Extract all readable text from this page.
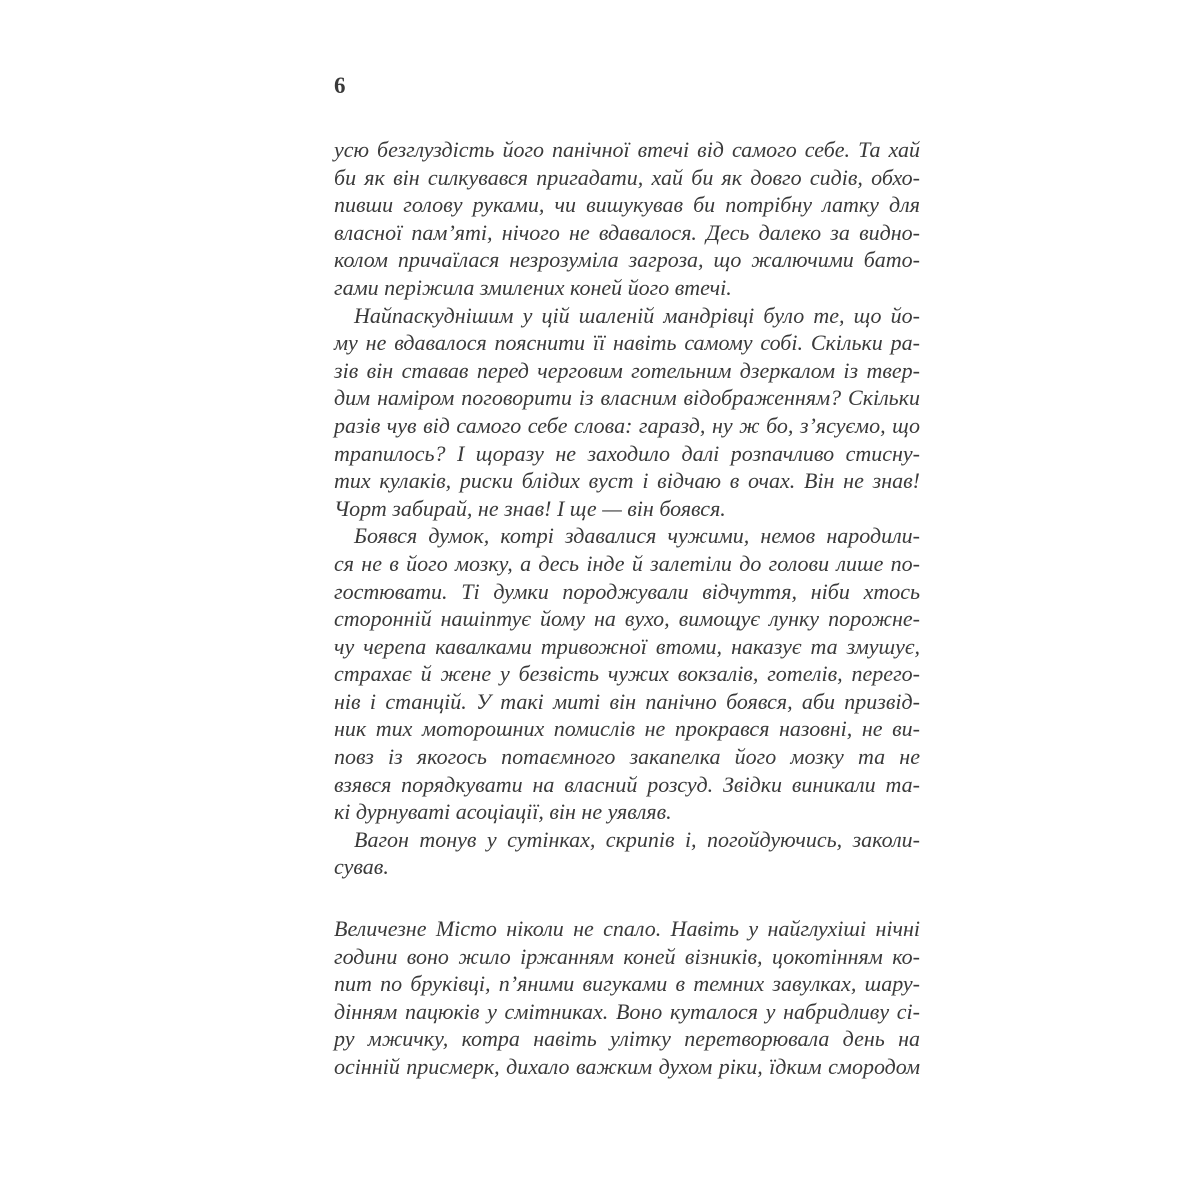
6
усю безглуздість його панічної втечі від самого себе. Та хай
би як він силкувався пригадати, хай би як довго сидів, обхо-
пивши голову руками, чи вишукував би потрібну латку для
власної пам’яті, нічого не вдавалося. Десь далеко за видно-
колом причаїлася незрозуміла загроза, що жалючими бато-
гами періжила змилених коней його втечі.
Найпаскуднішим у цій шаленій мандрівці було те, що йо-
му не вдавалося пояснити її навіть самому собі. Скільки ра-
зів він ставав перед черговим готельним дзеркалом із твер-
дим наміром поговорити із власним відображенням? Скільки
разів чув від самого себе слова: гаразд, ну ж бо, з’ясуємо, що
трапилось? І щоразу не заходило далі розпачливо стисну-
тих кулаків, риски блідих вуст і відчаю в очах. Він не знав!
Чорт забирай, не знав! І ще — він боявся.
Боявся думок, котрі здавалися чужими, немов народили-
ся не в його мозку, а десь інде й залетіли до голови лише по-
гостювати. Ті думки породжували відчуття, ніби хтось
сторонній нашіптує йому на вухо, вимощує лунку порожне-
чу черепа кавалками тривожної втоми, наказує та змушує,
страхає й жене у безвість чужих вокзалів, готелів, перего-
нів і станцій. У такі миті він панічно боявся, аби призвід-
ник тих моторошних помислів не прокрався назовні, не ви-
повз із якогось потаємного закапелка його мозку та не
взявся порядкувати на власний розсуд. Звідки виникали та-
кі дурнуваті асоціації, він не уявляв.
Вагон тонув у сутінках, скрипів і, погойдуючись, заколи-
сував.
Величезне Місто ніколи не спало. Навіть у найглухіші нічні
години воно жило іржанням коней візників, цокотінням ко-
пит по бруківці, п’яними вигуками в темних завулках, шару-
дінням пацюків у смітниках. Воно куталося у набридливу сі-
ру мжичку, котра навіть улітку перетворювала день на
осінній присмерк, дихало важким духом ріки, їдким смородом
